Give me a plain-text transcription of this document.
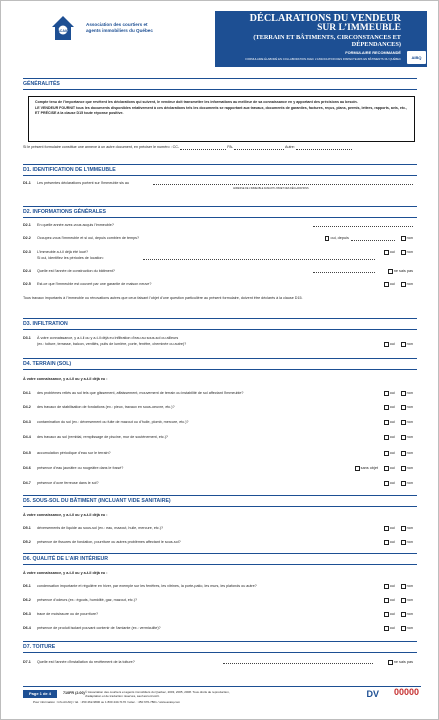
ACAIQ
Association des courtiers et agents immobiliers du Québec
DÉCLARATIONS DU VENDEUR
SUR L’IMMEUBLE
(TERRAIN ET BÂTIMENTS, CIRCONSTANCES ET DÉPENDANCES)
FORMULAIRE RECOMMANDÉ
FORMULAIRE ÉLABORÉ EN COLLABORATION AVEC L’ASSOCIATION DES INSPECTEURS EN BÂTIMENTS DU QUÉBEC	AIBQ
GÉNÉRALITÉS
Compte tenu de l’importance que revêtent les déclarations qui suivent, le vendeur doit transmettre les informations au meilleur de sa connaissance en y apportant des précisions au besoin.
LE VENDEUR FOURNIT tous les documents disponibles relativement à ces déclarations tels les documents se rapportant aux travaux, documents de garanties, factures, reçus, plans, permis, lettres, rapports, avis, etc., ET PRÉCISE à la clause D15 toute réponse positive.
Si le présent formulaire constitue une annexe à un autre document, en préciser le numéro : CC-	PA-	Autre:
D1. IDENTIFICATION DE L’IMMEUBLE
D1.1 Les présentes déclarations portent sur l’immeuble sis au
ADRESSE DE L’IMMEUBLE FAISANT L’OBJET DES DÉCLARATIONS
D2. INFORMATIONS GÉNÉRALES
D2.1 En quelle année avez-vous acquis l’immeuble?
D2.2 Occupez-vous l’immeuble et si oui, depuis combien de temps?	oui, depuis	non
D2.3 L’immeuble a-t-il déjà été loué?
Si oui, identifiez les périodes de location:
oui	non
D2.4 Quelle est l’année de construction du bâtiment?	ne sais pas
D2.5 Est-ce que l’immeuble est couvert par une garantie de maison neuve?	oui	non
Tous travaux importants à l’immeuble ou rénovations autres que ceux faisant l’objet d’une question particulière au présent formulaire, doivent être déclarés à la clause D15.
D3. INFILTRATION
D3.1 À votre connaissance, y a-t-il ou y a-t-il déjà eu infiltration d’eau au sous-sol ou ailleurs
(ex.: toiture, terrasse, balcon, ventilés, puits de lumière, porte, fenêtre, cheminée ou autre)?	oui	non
D4. TERRAIN (SOL)
À votre connaissance, y a-t-il ou y a-t-il déjà eu :
D4.1 des problèmes reliés au sol tels que glissement, affaissement, mouvement de terrain ou instabilité de sol affectant l’immeuble?	oui	non
D4.2 des travaux de stabilisation de fondations (ex.: pieux, travaux en sous-oeuvre, etc.)?	oui	non
D4.3 contamination du sol (ex.: déversement ou fuite de mazout ou d’huile, plomb, mercure, etc.)?	oui	non
D4.4 des travaux au sol (remblai, remplissage de piscine, mur de soutènement, etc.)?	oui	non
D4.5 accumulation périodique d’eau sur le terrain?	oui	non
D4.6 présence d’eau jaunâtre ou rougeâtre dans le fossé?	sans objet	oui	non
D4.7 présence d’ocre ferreuse dans le sol?	oui	non
D5. SOUS-SOL DU BÂTIMENT (INCLUANT VIDE SANITAIRE)
À votre connaissance, y a-t-il ou y a-t-il déjà eu :
D5.1 déversements de liquide au sous-sol (ex.: eau, mazout, huile, mercure, etc.)?	oui	non
D5.2 présence de fissures de fondation, pourriture ou autres problèmes affectant le sous-sol?	oui	non
D6. QUALITÉ DE L’AIR INTÉRIEUR
À votre connaissance, y a-t-il ou y a-t-il déjà eu :
D6.1 condensation importante et régulière en hiver, par exemple sur les fenêtres, les vitrines, la porte-patio, les murs, les plafonds ou autre?	oui	non
D6.2 présence d’odeurs (ex.: égouts, humidité, gaz, mazout, etc.)?	oui	non
D6.3 trace de moisissure ou de pourriture?	oui	non
D6.4 présence de produit isolant pouvant contenir de l’amiante (ex.: vermiculite)?	oui	non
D7. TOITURE
D7.1 Quelle est l’année d’installation du revêtement de la toiture?	ne sais pas
Page 1 de 4	710FR (2.00) © Association des courtiers et agents immobiliers du Québec, 2003, 2005, 2008. Tous droits de reproduction, d’adaptation et de traduction réservés, sauf accord écrit.
Pour information : Info ACAIQ / tél. : 450 462-9800 ou 1 800 440-7170 / télec. : 450 676-7801 / www.acaiq.com
DV 00000
